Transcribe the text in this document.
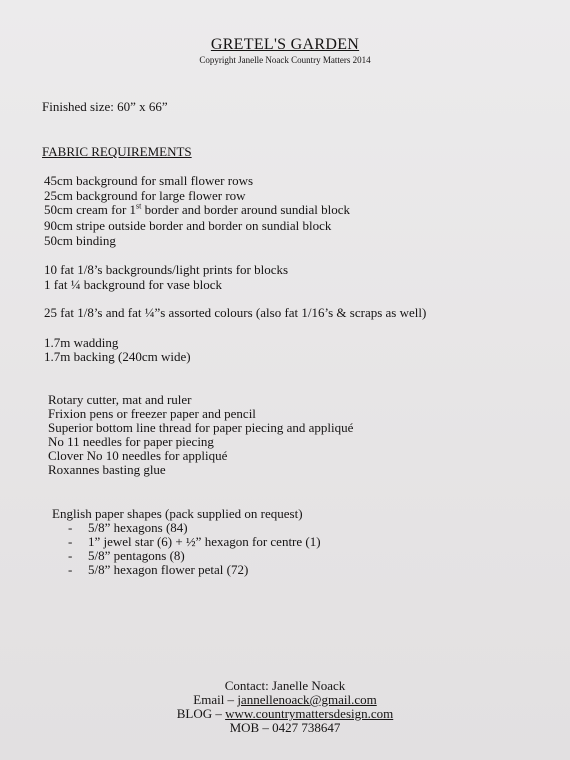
GRETEL'S GARDEN
Copyright Janelle Noack Country Matters 2014
Finished size: 60” x 66”
FABRIC REQUIREMENTS
45cm background for small flower rows
25cm background for large flower row
50cm cream for 1st border and border around sundial block
90cm stripe outside border and border on sundial block
50cm binding
10 fat 1/8’s backgrounds/light prints for blocks
1 fat ¼ background for vase block
25 fat 1/8’s and fat ¼”s assorted colours (also fat 1/16’s & scraps as well)
1.7m wadding
1.7m backing (240cm wide)
Rotary cutter, mat and ruler
Frixion pens or freezer paper and pencil
Superior bottom line thread for paper piecing and appliqué
No 11 needles for paper piecing
Clover No 10 needles for appliqué
Roxannes basting glue
English paper shapes (pack supplied on request)
- 5/8” hexagons (84)
- 1” jewel star (6) + ½” hexagon for centre (1)
- 5/8” pentagons (8)
- 5/8” hexagon flower petal (72)
Contact: Janelle Noack
Email – jannellenoack@gmail.com
BLOG – www.countrymattersdesign.com
MOB – 0427 738647
